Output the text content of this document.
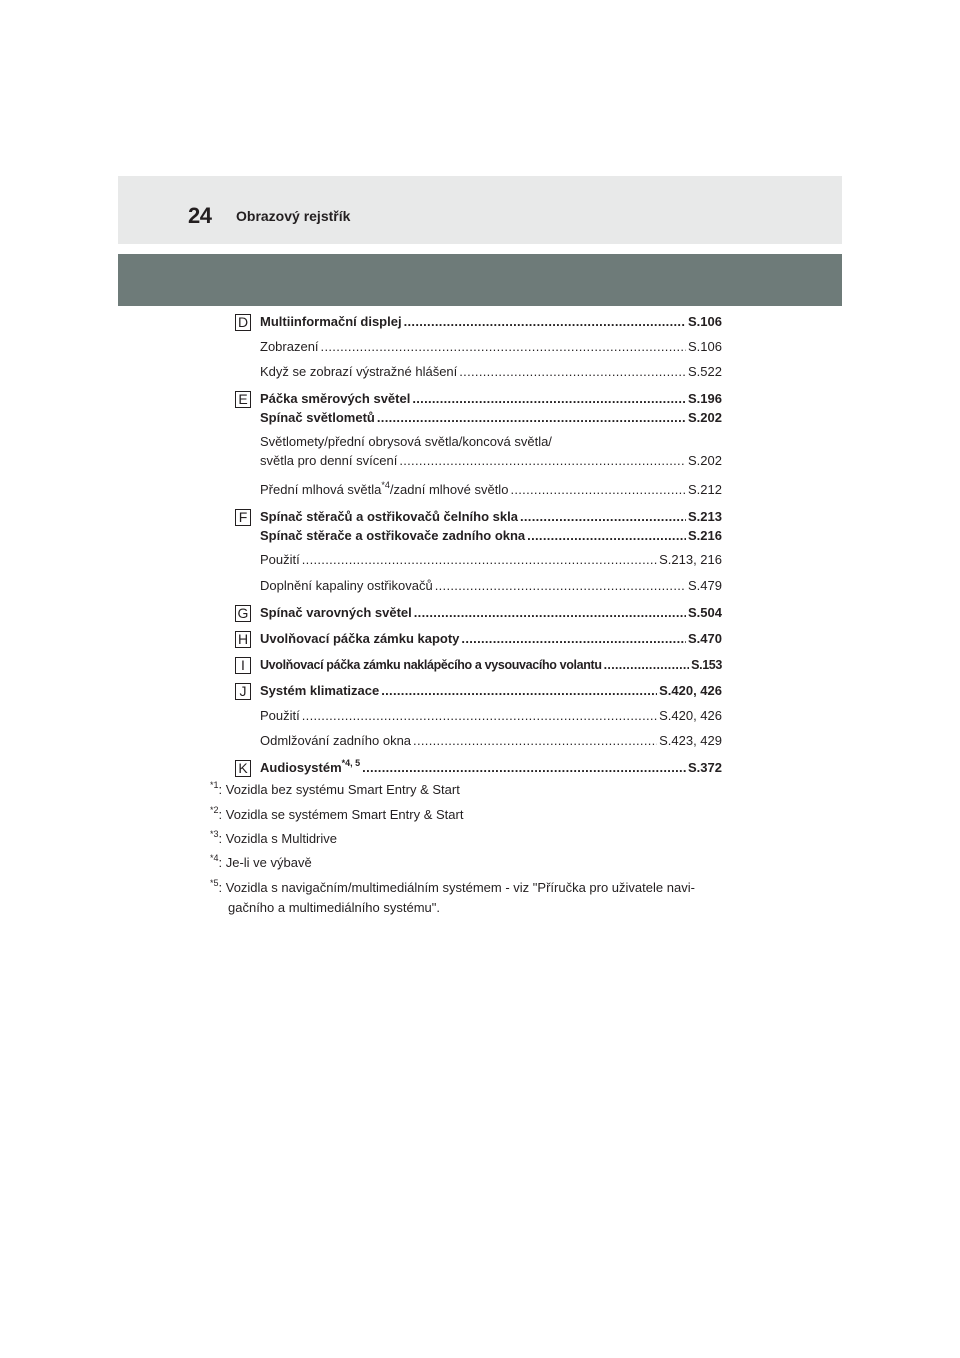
24 Obrazový rejstřík
D Multiinformační displej .....	S.106
Zobrazení .....	S.106
Když se zobrazí výstražné hlášení .....	S.522
E Páčka směrových světel .....	S.196
Spínač světlometů .....	S.202
Světlomety/přední obrysová světla/koncová světla/
světla pro denní svícení .....	S.202
Přední mlhová světla$^{*4}$/zadní mlhové světlo .....	S.212
F Spínač stěračů a ostřikovačů čelního skla .....	S.213
Spínač stěrače a ostřikovače zadního okna .....	S.216
Použití .....	S.213, 216
Doplnění kapaliny ostřikovačů .....	S.479
G Spínač varovných světel .....	S.504
H Uvolňovací páčka zámku kapoty .....	S.470
I	Uvolňovací páčka zámku naklápěcího a vysouvacího volantu .....	S.153
J	Systém klimatizace .....	S.420, 426
Použití .....	S.420, 426
Odmlžování zadního okna .....	S.423, 429
K Audiosystém$^{*4, 5}$ .....	S.372
$^{*1}$: Vozidla bez systému Smart Entry & Start
$^{*2}$: Vozidla se systémem Smart Entry & Start
$^{*3}$: Vozidla s Multidrive
$^{*4}$: Je-li ve výbavě
$^{*5}$: Vozidla s navigačním/multimediálním systémem - viz "Příručka pro uživatele navi-
gačního a multimediálního systému".
